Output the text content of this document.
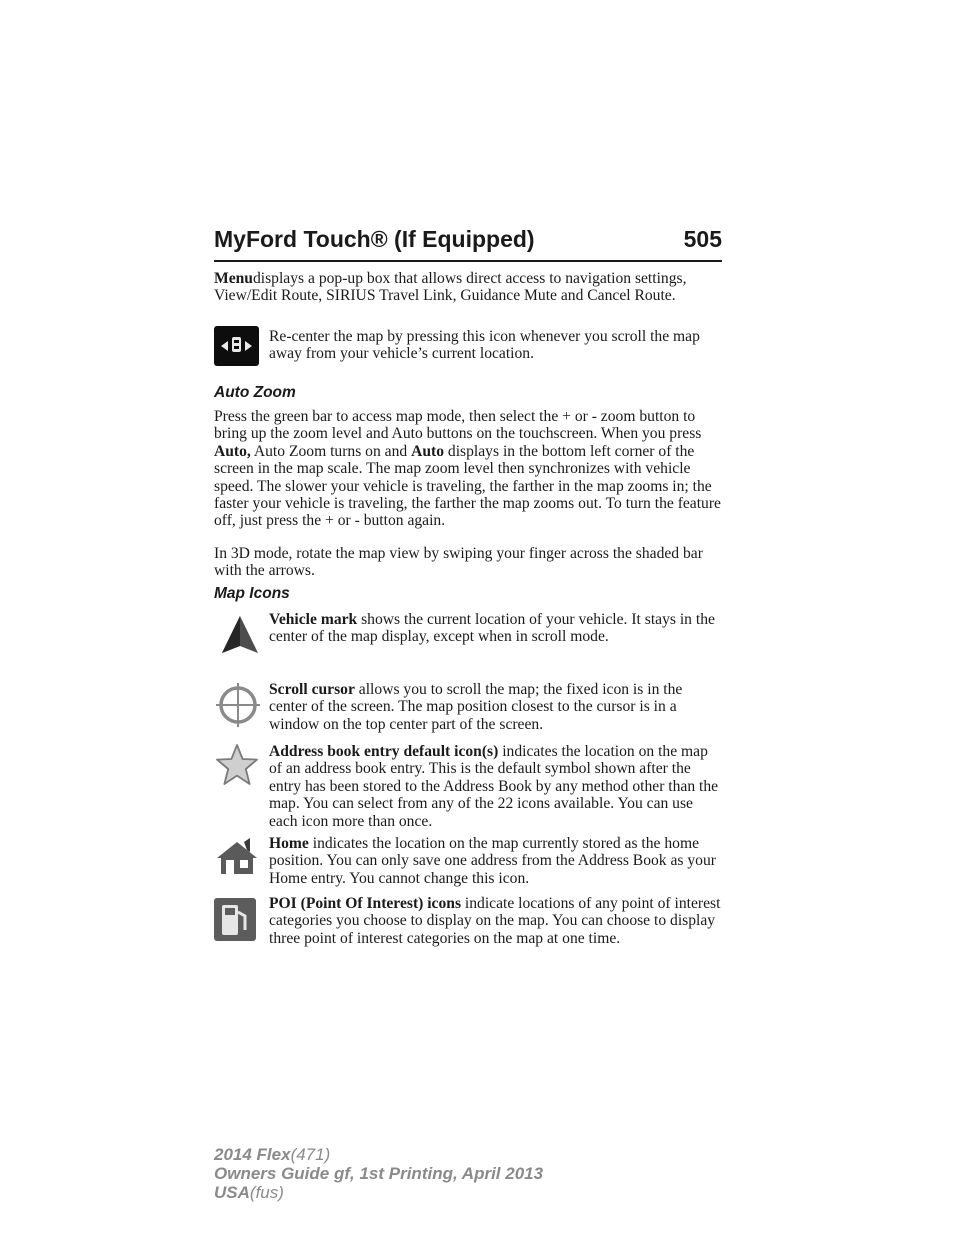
MyFord Touch® (If Equipped)	505
Menudisplays a pop-up box that allows direct access to navigation settings, View/Edit Route, SIRIUS Travel Link, Guidance Mute and Cancel Route.
Re-center the map by pressing this icon whenever you scroll the map away from your vehicle’s current location.
Auto Zoom
Press the green bar to access map mode, then select the + or - zoom button to bring up the zoom level and Auto buttons on the touchscreen. When you press Auto, Auto Zoom turns on and Auto displays in the bottom left corner of the screen in the map scale. The map zoom level then synchronizes with vehicle speed. The slower your vehicle is traveling, the farther in the map zooms in; the faster your vehicle is traveling, the farther the map zooms out. To turn the feature off, just press the + or - button again.
In 3D mode, rotate the map view by swiping your finger across the shaded bar with the arrows.
Map Icons
Vehicle mark shows the current location of your vehicle. It stays in the center of the map display, except when in scroll mode.
Scroll cursor allows you to scroll the map; the fixed icon is in the center of the screen. The map position closest to the cursor is in a window on the top center part of the screen.
Address book entry default icon(s) indicates the location on the map of an address book entry. This is the default symbol shown after the entry has been stored to the Address Book by any method other than the map. You can select from any of the 22 icons available. You can use each icon more than once.
Home indicates the location on the map currently stored as the home position. You can only save one address from the Address Book as your Home entry. You cannot change this icon.
POI (Point Of Interest) icons indicate locations of any point of interest categories you choose to display on the map. You can choose to display three point of interest categories on the map at one time.
2014 Flex(471)
Owners Guide gf, 1st Printing, April 2013
USA(fus)
